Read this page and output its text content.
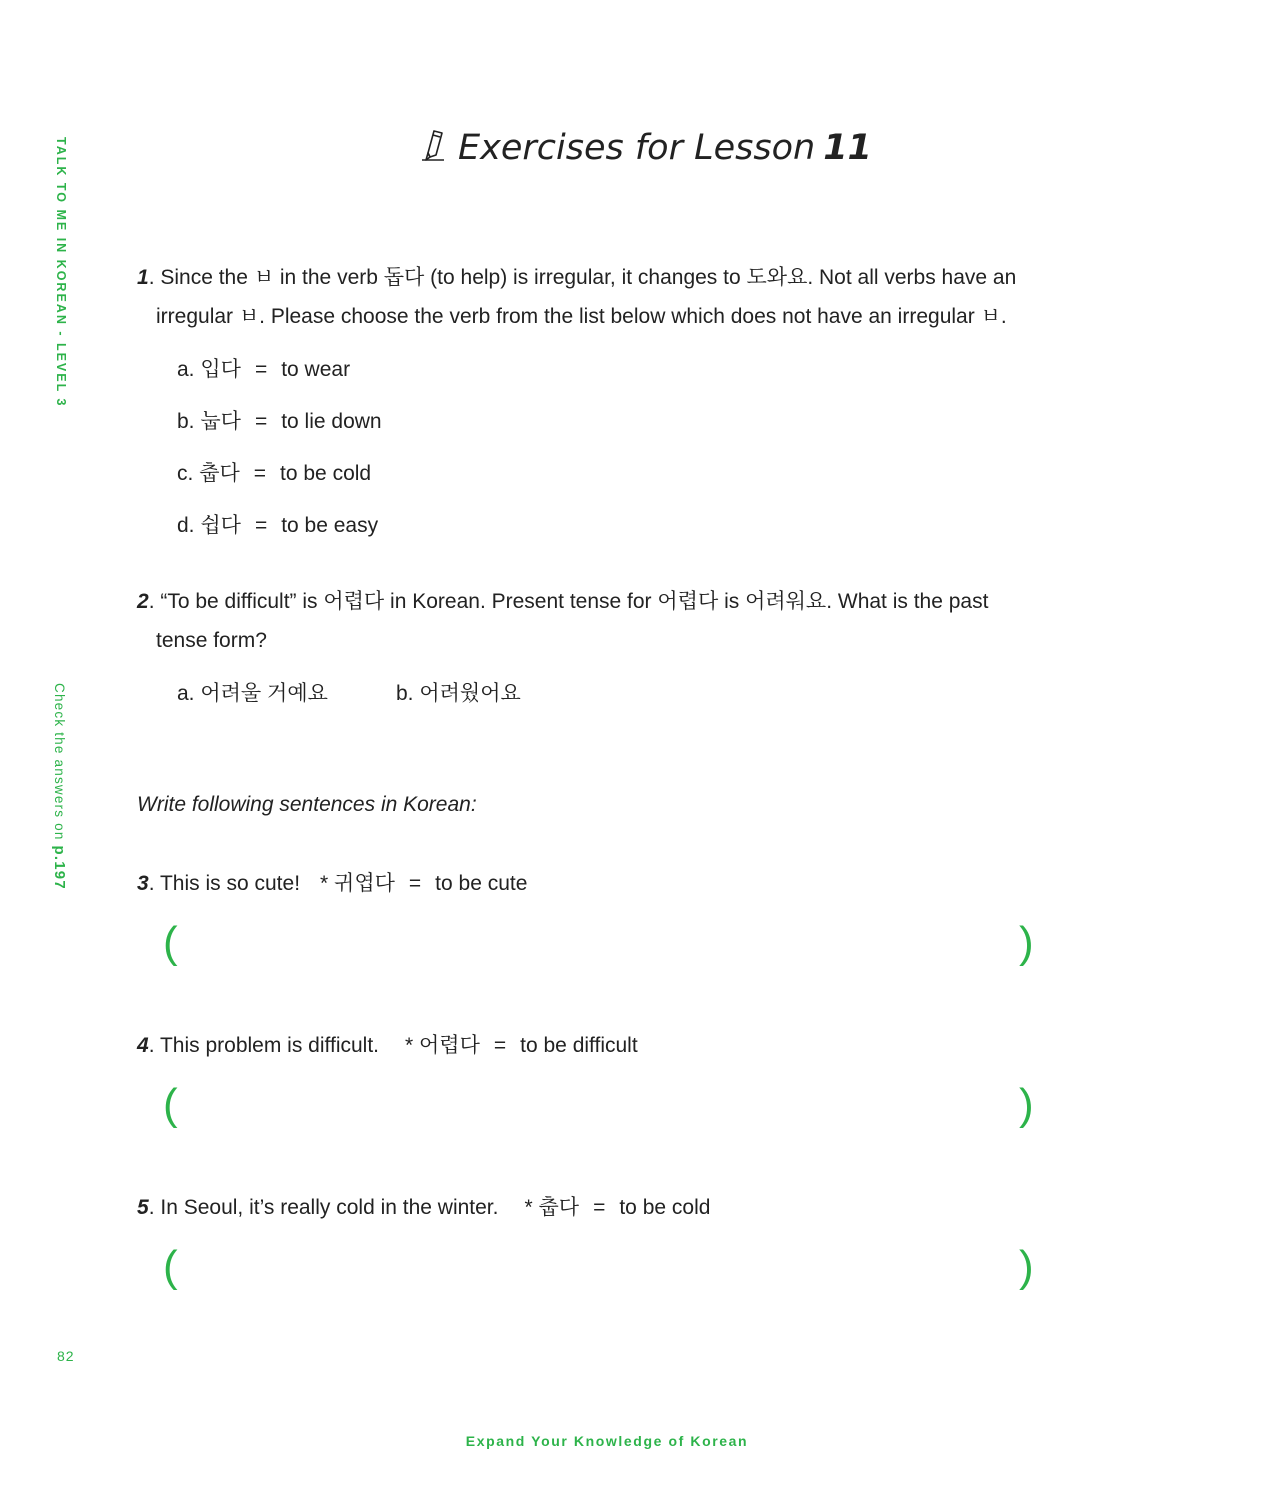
TALK TO ME IN KOREAN - LEVEL 3
Check the answers on p.197
82
Expand Your Knowledge of Korean
Exercises for Lesson 11
1. Since the ㅂ in the verb 돕다 (to help) is irregular, it changes to 도와요. Not all verbs have an
irregular ㅂ. Please choose the verb from the list below which does not have an irregular ㅂ.
a. 입다 = to wear
b. 눕다 = to lie down
c. 춥다 = to be cold
d. 쉽다 = to be easy
2. “To be difficult” is 어렵다 in Korean. Present tense for 어렵다 is 어려워요. What is the past
tense form?
a. 어려울 거예요	b. 어려웠어요
Write following sentences in Korean:
3. This is so cute! * 귀엽다 = to be cute
(	)
4. This problem is difficult. * 어렵다 = to be difficult
(	)
5. In Seoul, it’s really cold in the winter. * 춥다 = to be cold
(	)
